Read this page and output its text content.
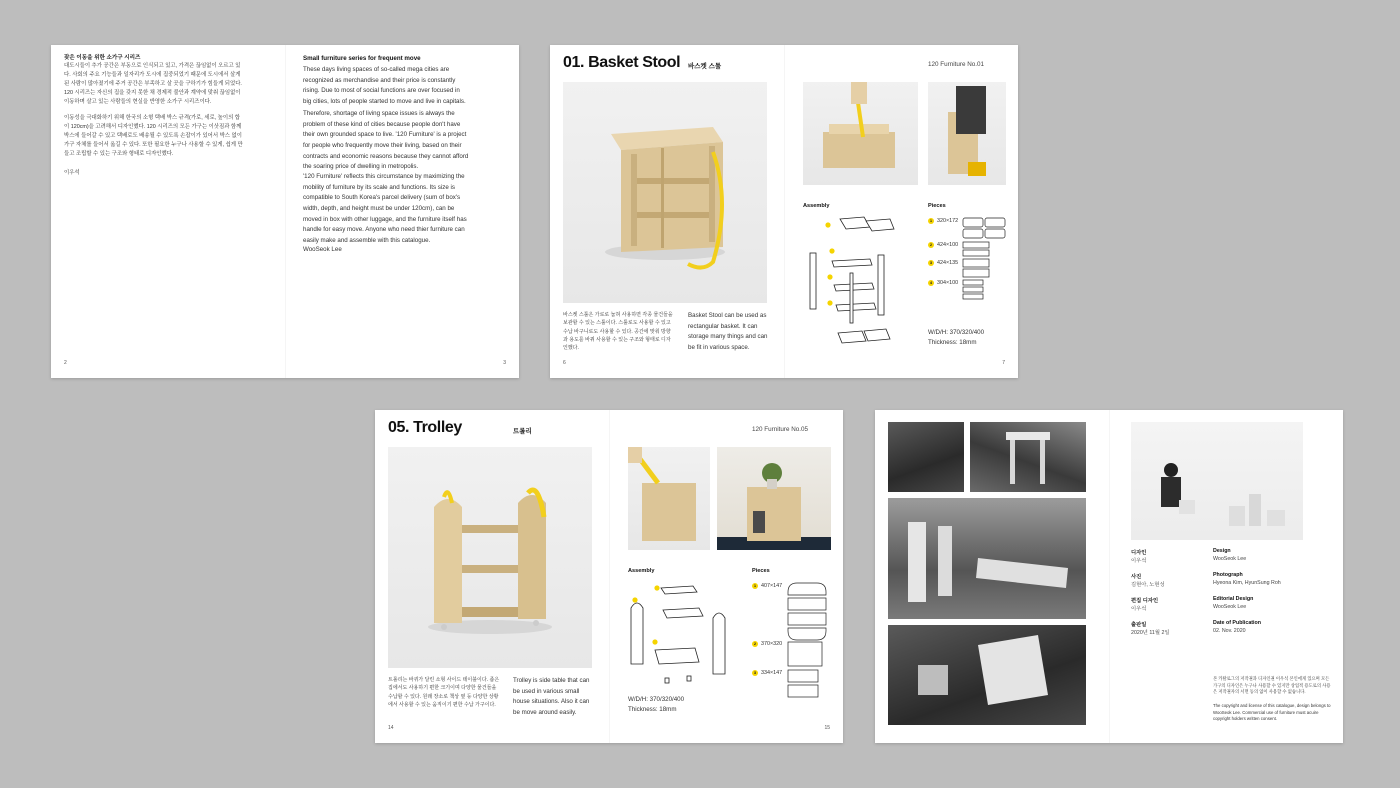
잦은 이동을 위한 소가구 시리즈
대도시들이 추가 공간은 부동으로 인식되고 있고, 가격은 끊임없이 오르고 있다. 사회의 주요 기능들과 일자리가 도시에 집중되었기 때문에 도시에서 살게 된 사람이 많아졌기에 주거 공간은 부족하고 살 곳을 구하기가 힘들게 되었다. 120 시리즈는 자신의 집을 갖지 못한 채 경제적 불안과 계약에 맞춰 끊임없이 이동하며 살고 있는 사람들의 현실을 반영한 소가구 시리즈이다.
이동성을 극대화하기 위해 한국의 소형 택배 박스 규격(가로, 세로, 높이의 합이 120cm)을 고려해서 디자인했다. 120 시리즈의 모든 가구는 이삿짐과 함께 박스에 들어갈 수 있고 택배로도 배송될 수 있도록 손잡이가 있어서 박스 없이 가구 자체를 들어서 옮길 수 있다. 또한 필요한 누구나 사용할 수 있게, 쉽게 만들고 조립할 수 있는 구조와 형태로 디자인했다.
이우석
Small furniture series for frequent move
These days living spaces of so-called mega cities are recognized as merchandise and their price is constantly rising. Due to most of social functions are over focused in big cities, lots of people started to move and live in capitals.
Therefore, shortage of living space issues is always the problem of these kind of cities because people don't have their own grounded space to live. '120 Furniture' is a project for people who frequently move their living, based on their contracts and economic reasons because they cannot afford the soaring price of dwelling in metropolis.
'120 Furniture' reflects this circumstance by maximizing the mobility of furniture by its scale and functions. Its size is compatible to South Korea's parcel delivery (sum of box's width, depth, and height must be under 120cm), can be moved in box with other luggage, and the furniture itself has handle for easy move. Anyone who need thier furniture can easily make and assemble with this catalogue.
WooSeok Lee
2	3
01. Basket Stool 바스켓 스툴	120 Furniture No.01
바스켓 스툴은 가로로 눕혀 사용하면 각종 물건들을 보관할 수 있는 스툴이다. 스툴로도 사용할 수 있고 수납 바구니로도 사용할 수 있다. 공간에 맞춰 방향과 용도를 바꿔 사용할 수 있는 구조와 형태로 디자인했다.
Basket Stool can be used as rectangular basket. It can storage many things and can be fit in various space.
Assembly	Pieces
1 320×172
2 424×100
3 424×135
4 304×100
W/D/H: 370/320/400
Thickness: 18mm
6	7
05. Trolley	트롤리	120 Furniture No.05
트롤리는 바퀴가 달린 소형 사이드 테이블이다. 좁은 집에서도 사용하기 편한 크기이며 다양한 물건들을 수납할 수 있다. 원래 장소로 책상 옆 등 다양한 상황에서 사용할 수 있는 움직이기 편한 수납 가구이다.
Trolley is side table that can be used in various small house situations. Also it can be move around easily.
Assembly	Pieces
1 407×147
2 370×320
3 334×147
W/D/H: 370/320/400
Thickness: 18mm
14	15
디자인
이우석
Design
WooSeok Lee
사진
김현아, 노현성
Photograph
Hyeona Kim, HyunSung Roh
편집 디자인
이우석
Editorial Design
WooSeok Lee
출판일
2020년 11월 2일
Date of Publication
02. Nov. 2020
본 카탈로그의 저작권과 디자인권 이우석 본인에게 있으며 모든 가구의 디자인은 누구나 사용할 수 있지만 상업적 용도로의 사용은 저작권자의 서면 동의 없이 사용할 수 없습니다.
The copyright and license of this catalogue, design belongs to WooSeok Lee. Commercial use of furniture must acuire copyright holders written consent.
